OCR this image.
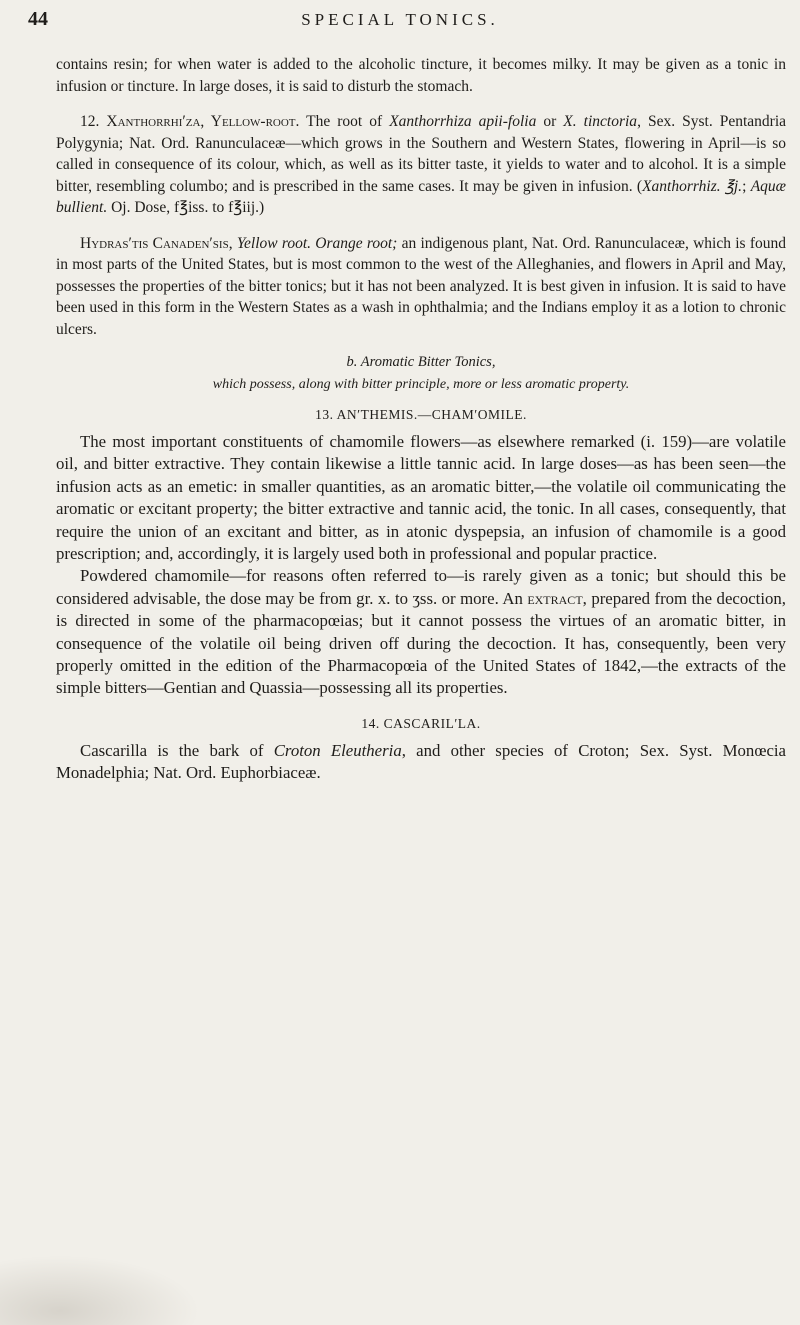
44	SPECIAL TONICS.

contains resin; for when water is added to the alcoholic tincture, it becomes milky. It may be given as a tonic in infusion or tincture. In large doses, it is said to disturb the stomach.

12. Xanthorrhi′za, Yellow-root. The root of Xanthorrhiza apii-folia or X. tinctoria, Sex. Syst. Pentandria Polygynia; Nat. Ord. Ranunculaceæ—which grows in the Southern and Western States, flowering in April—is so called in consequence of its colour, which, as well as its bitter taste, it yields to water and to alcohol. It is a simple bitter, resembling columbo; and is prescribed in the same cases. It may be given in infusion. (Xanthorrhiz. ℥j.; Aquæ bullient. Oj. Dose, f℥iss. to f℥iij.)

Hydras′tis Canaden′sis, Yellow root. Orange root; an indigenous plant, Nat. Ord. Ranunculaceæ, which is found in most parts of the United States, but is most common to the west of the Alleghanies, and flowers in April and May, possesses the properties of the bitter tonics; but it has not been analyzed. It is best given in infusion. It is said to have been used in this form in the Western States as a wash in ophthalmia; and the Indians employ it as a lotion to chronic ulcers.

b. Aromatic Bitter Tonics,

which possess, along with bitter principle, more or less aromatic property.

13. AN′THEMIS.—CHAM′OMILE.

The most important constituents of chamomile flowers—as elsewhere remarked (i. 159)—are volatile oil, and bitter extractive. They contain likewise a little tannic acid. In large doses—as has been seen—the infusion acts as an emetic: in smaller quantities, as an aromatic bitter,—the volatile oil communicating the aromatic or excitant property; the bitter extractive and tannic acid, the tonic. In all cases, consequently, that require the union of an excitant and bitter, as in atonic dyspepsia, an infusion of chamomile is a good prescription; and, accordingly, it is largely used both in professional and popular practice.

Powdered chamomile—for reasons often referred to—is rarely given as a tonic; but should this be considered advisable, the dose may be from gr. x. to ʒss. or more. An extract, prepared from the decoction, is directed in some of the pharmacopœias; but it cannot possess the virtues of an aromatic bitter, in consequence of the volatile oil being driven off during the decoction. It has, consequently, been very properly omitted in the edition of the Pharmacopœia of the United States of 1842,—the extracts of the simple bitters—Gentian and Quassia—possessing all its properties.

14. CASCARIL′LA.

Cascarilla is the bark of Croton Eleutheria, and other species of Croton; Sex. Syst. Monœcia Monadelphia; Nat. Ord. Euphorbiaceæ.
